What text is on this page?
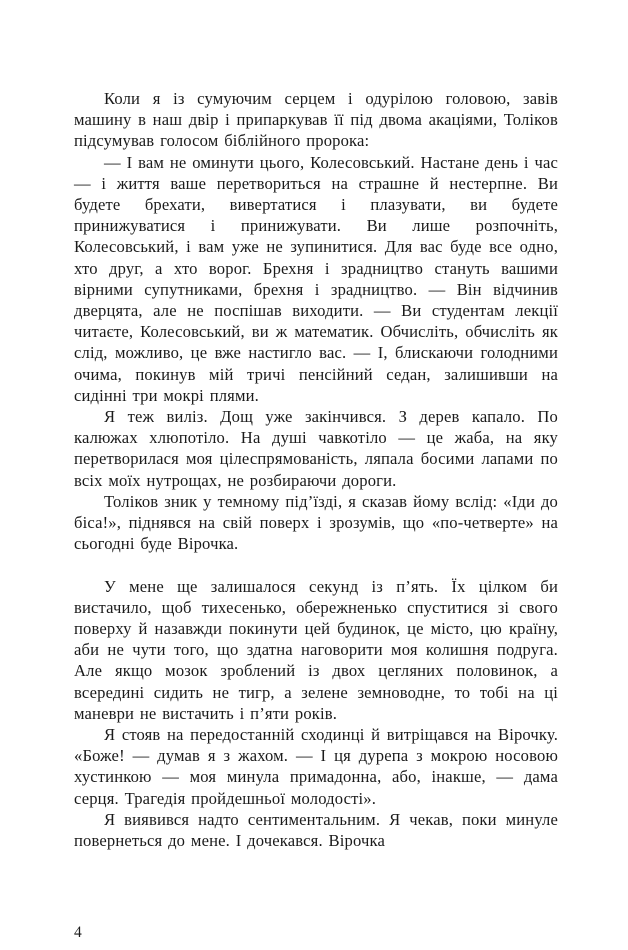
Коли я із сумуючим серцем і одурілою головою, завів машину в наш двір і припаркував її під двома акаціями, Толіков підсумував голосом біблійного пророка:

— І вам не оминути цього, Колесовський. Настане день і час — і життя ваше перетвориться на страшне й нестерпне. Ви будете брехати, вивертатися і плазувати, ви будете принижуватися і принижувати. Ви лише розпочніть, Колесовський, і вам уже не зупинитися. Для вас буде все одно, хто друг, а хто ворог. Брехня і зрадництво стануть вашими вірними супутниками, брехня і зрадництво. — Він відчинив дверцята, але не поспішав виходити. — Ви студентам лекції читаєте, Колесовський, ви ж математик. Обчисліть, обчисліть як слід, можливо, це вже настигло вас. — І, блискаючи голодними очима, покинув мій тричі пенсійний седан, залишивши на сидінні три мокрі плями.

Я теж виліз. Дощ уже закінчився. З дерев капало. По калюжах хлюпотіло. На душі чавкотіло — це жаба, на яку перетворилася моя цілеспрямованість, ляпала босими лапами по всіх моїх нутрощах, не розбираючи дороги.

Толіков зник у темному під’їзді, я сказав йому вслід: «Іди до біса!», піднявся на свій поверх і зрозумів, що «по-четверте» на сьогодні буде Вірочка.

У мене ще залишалося секунд із п’ять. Їх цілком би вистачило, щоб тихесенько, обережненько спуститися зі свого поверху й назавжди покинути цей будинок, це місто, цю країну, аби не чути того, що здатна наговорити моя колишня подруга. Але якщо мозок зроблений із двох цегляних половинок, а всередині сидить не тигр, а зелене земноводне, то тобі на ці маневри не вистачить і п’яти років.

Я стояв на передостанній сходинці й витріщався на Вірочку. «Боже! — думав я з жахом. — І ця дурепа з мокрою носовою хустинкою — моя минула примадонна, або, інакше, — дама серця. Трагедія пройдешньої молодості».

Я виявився надто сентиментальним. Я чекав, поки минуле повернеться до мене. І дочекався. Вірочка

4
